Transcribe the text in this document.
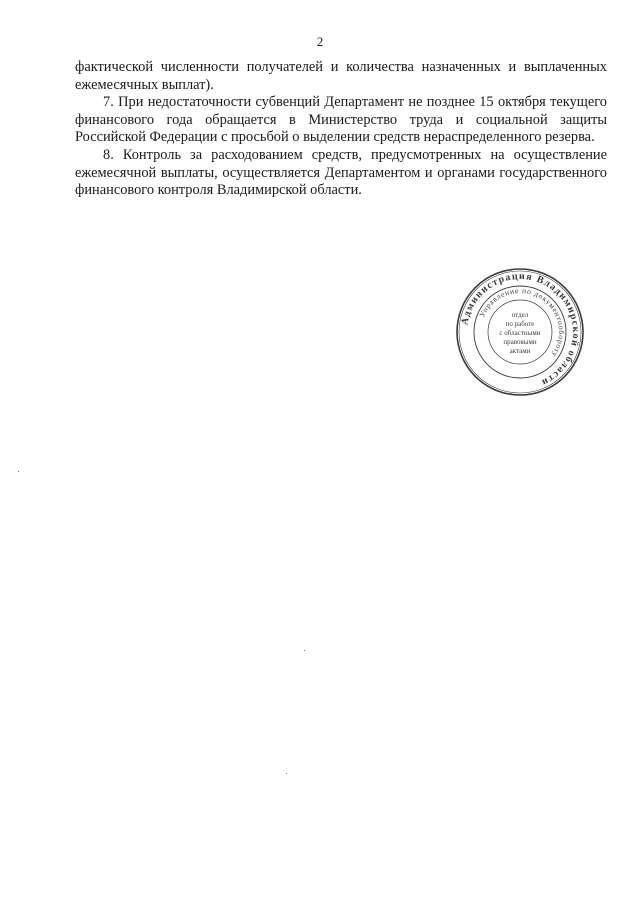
2

фактической численности получателей и количества назначенных и выплаченных ежемесячных выплат).

7. При недостаточности субвенций Департамент не позднее 15 октября текущего финансового года обращается в Министерство труда и социальной защиты Российской Федерации с просьбой о выделении средств нераспределенного резерва.

8. Контроль за расходованием средств, предусмотренных на осуществление ежемесячной выплаты, осуществляется Департаментом и органами государственного финансового контроля Владимирской области.

Администрация Владимирской области
Управление по документообороту
отдел
по работе
с областными
правовыми
актами
